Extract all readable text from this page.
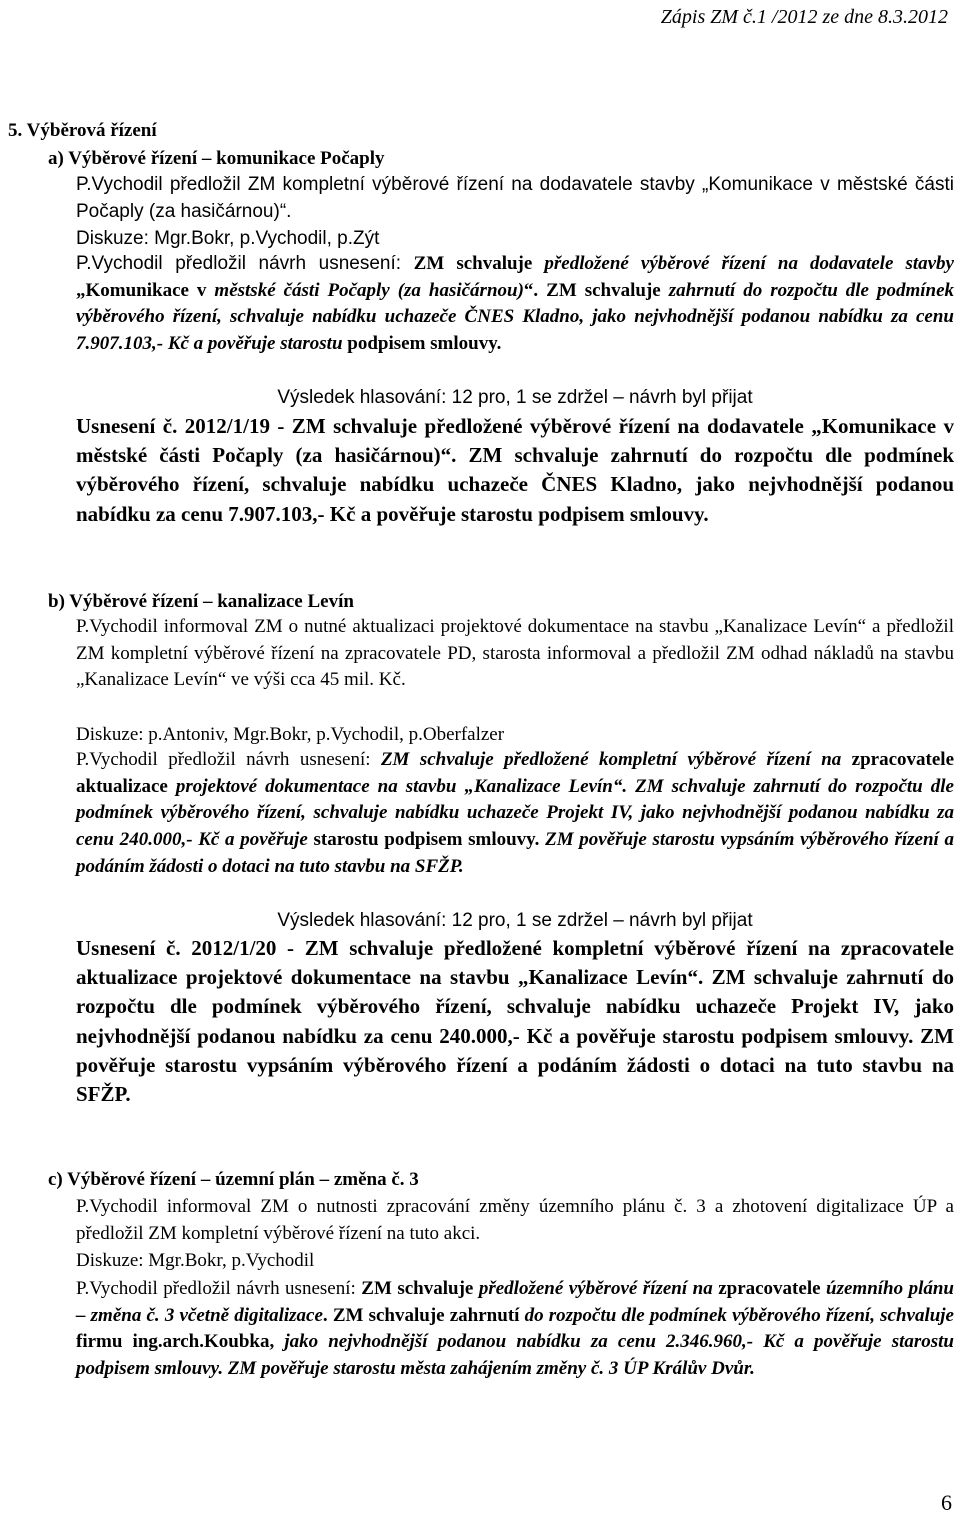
Zápis ZM č.1 /2012 ze dne 8.3.2012
5. Výběrová řízení
a) Výběrové řízení – komunikace Počaply
P.Vychodil předložil ZM kompletní výběrové řízení na dodavatele stavby „Komunikace v městské části Počaply (za hasičárnou)“.
Diskuze: Mgr.Bokr, p.Vychodil, p.Zýt
P.Vychodil předložil návrh usnesení: ZM schvaluje předložené výběrové řízení na dodavatele stavby „Komunikace v městské části Počaply (za hasičárnou)“. ZM schvaluje zahrnutí do rozpočtu dle podmínek výběrového řízení, schvaluje nabídku uchazeče ČNES Kladno, jako nejvhodnější podanou nabídku za cenu 7.907.103,- Kč a pověřuje starostu podpisem smlouvy.
Výsledek hlasování: 12 pro, 1 se zdržel – návrh byl přijat
Usnesení č. 2012/1/19 - ZM schvaluje předložené výběrové řízení na dodavatele „Komunikace v městské části Počaply (za hasičárnou)“. ZM schvaluje zahrnutí do rozpočtu dle podmínek výběrového řízení, schvaluje nabídku uchazeče ČNES Kladno, jako nejvhodnější podanou nabídku za cenu 7.907.103,- Kč a pověřuje starostu podpisem smlouvy.
b) Výběrové řízení – kanalizace Levín
P.Vychodil informoval ZM o nutné aktualizaci projektové dokumentace na stavbu „Kanalizace Levín“ a předložil ZM kompletní výběrové řízení na zpracovatele PD, starosta informoval a předložil ZM odhad nákladů na stavbu „Kanalizace Levín“ ve výši cca 45 mil. Kč.
Diskuze: p.Antoniv, Mgr.Bokr, p.Vychodil, p.Oberfalzer
P.Vychodil předložil návrh usnesení: ZM schvaluje předložené kompletní výběrové řízení na zpracovatele aktualizace projektové dokumentace na stavbu „Kanalizace Levín“. ZM schvaluje zahrnutí do rozpočtu dle podmínek výběrového řízení, schvaluje nabídku uchazeče Projekt IV, jako nejvhodnější podanou nabídku za cenu 240.000,- Kč a pověřuje starostu podpisem smlouvy. ZM pověřuje starostu vypsáním výběrového řízení a podáním žádosti o dotaci na tuto stavbu na SFŽP.
Výsledek hlasování: 12 pro, 1 se zdržel – návrh byl přijat
Usnesení č. 2012/1/20 - ZM schvaluje předložené kompletní výběrové řízení na zpracovatele aktualizace projektové dokumentace na stavbu „Kanalizace Levín“. ZM schvaluje zahrnutí do rozpočtu dle podmínek výběrového řízení, schvaluje nabídku uchazeče Projekt IV, jako nejvhodnější podanou nabídku za cenu 240.000,- Kč a pověřuje starostu podpisem smlouvy. ZM pověřuje starostu vypsáním výběrového řízení a podáním žádosti o dotaci na tuto stavbu na SFŽP.
c) Výběrové řízení – územní plán – změna č. 3
P.Vychodil informoval ZM o nutnosti zpracování změny územního plánu č. 3 a zhotovení digitalizace ÚP a předložil ZM kompletní výběrové řízení na tuto akci.
Diskuze: Mgr.Bokr, p.Vychodil
P.Vychodil předložil návrh usnesení: ZM schvaluje předložené výběrové řízení na zpracovatele územního plánu – změna č. 3 včetně digitalizace. ZM schvaluje zahrnutí do rozpočtu dle podmínek výběrového řízení, schvaluje firmu ing.arch.Koubka, jako nejvhodnější podanou nabídku za cenu 2.346.960,- Kč a pověřuje starostu podpisem smlouvy. ZM pověřuje starostu města zahájením změny č. 3 ÚP Králův Dvůr.
6
